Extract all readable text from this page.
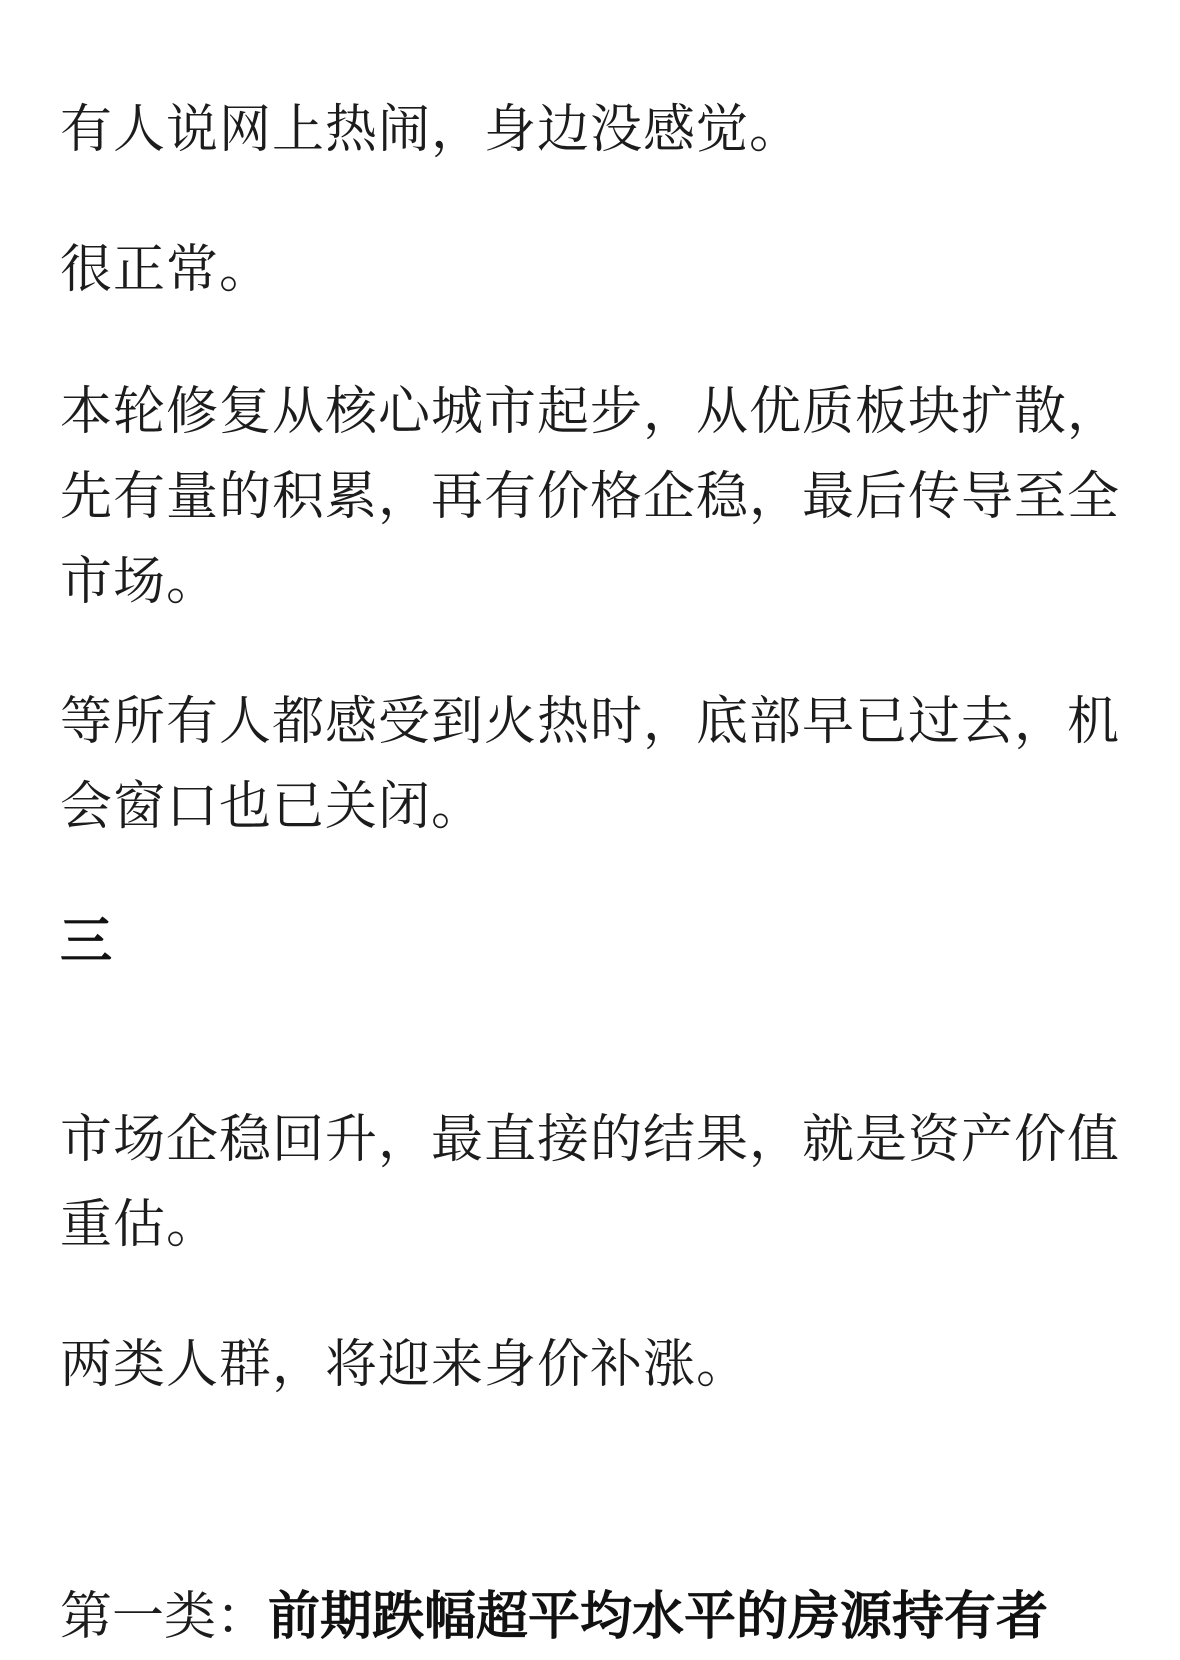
有人说网上热闹，身边没感觉。

很正常。

本轮修复从核心城市起步，从优质板块扩散，先有量的积累，再有价格企稳，最后传导至全市场。

等所有人都感受到火热时，底部早已过去，机会窗口也已关闭。

三

市场企稳回升，最直接的结果，就是资产价值重估。

两类人群，将迎来身价补涨。

第一类：前期跌幅超平均水平的房源持有者
